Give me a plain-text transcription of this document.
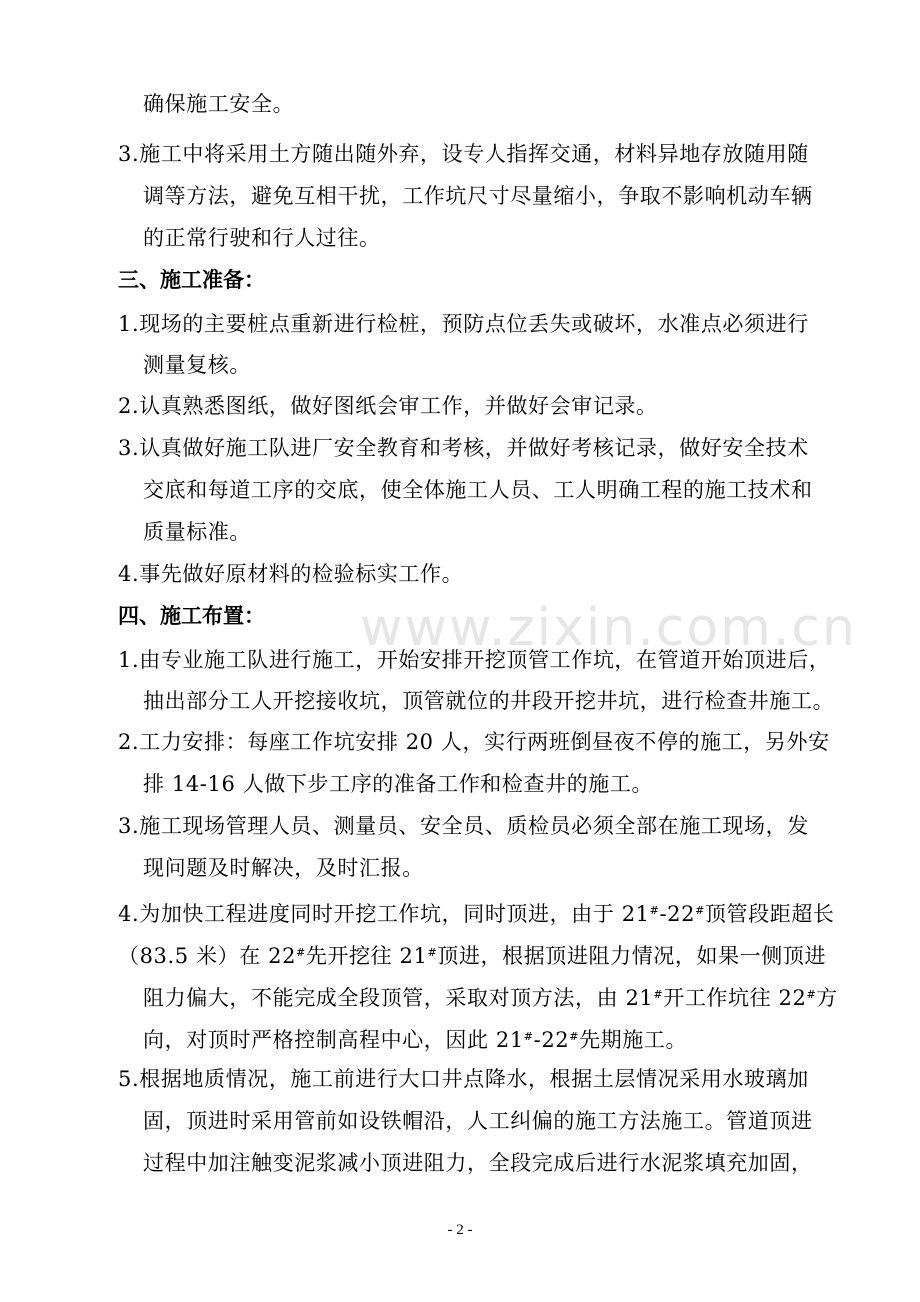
www.zixin.com.cn
确保施工安全。
3.施工中将采用土方随出随外弃，设专人指挥交通，材料异地存放随用随
调等方法，避免互相干扰，工作坑尺寸尽量缩小，争取不影响机动车辆
的正常行驶和行人过往。
三、施工准备：
1.现场的主要桩点重新进行检桩，预防点位丢失或破坏，水准点必须进行
测量复核。
2.认真熟悉图纸，做好图纸会审工作，并做好会审记录。
3.认真做好施工队进厂安全教育和考核，并做好考核记录，做好安全技术
交底和每道工序的交底，使全体施工人员、工人明确工程的施工技术和
质量标准。
4.事先做好原材料的检验标实工作。
四、施工布置：
1.由专业施工队进行施工，开始安排开挖顶管工作坑，在管道开始顶进后，
抽出部分工人开挖接收坑，顶管就位的井段开挖井坑，进行检查井施工。
2.工力安排：每座工作坑安排 20 人，实行两班倒昼夜不停的施工，另外安
排 14-16 人做下步工序的准备工作和检查井的施工。
3.施工现场管理人员、测量员、安全员、质检员必须全部在施工现场，发
现问题及时解决，及时汇报。
4.为加快工程进度同时开挖工作坑，同时顶进，由于 21#-22#顶管段距超长
（83.5 米）在 22#先开挖往 21#顶进，根据顶进阻力情况，如果一侧顶进
阻力偏大，不能完成全段顶管，采取对顶方法，由 21#开工作坑往 22#方
向，对顶时严格控制高程中心，因此 21#-22#先期施工。
5.根据地质情况，施工前进行大口井点降水，根据土层情况采用水玻璃加
固，顶进时采用管前如设铁帽沿，人工纠偏的施工方法施工。管道顶进
过程中加注触变泥浆减小顶进阻力，全段完成后进行水泥浆填充加固，
- 2 -
